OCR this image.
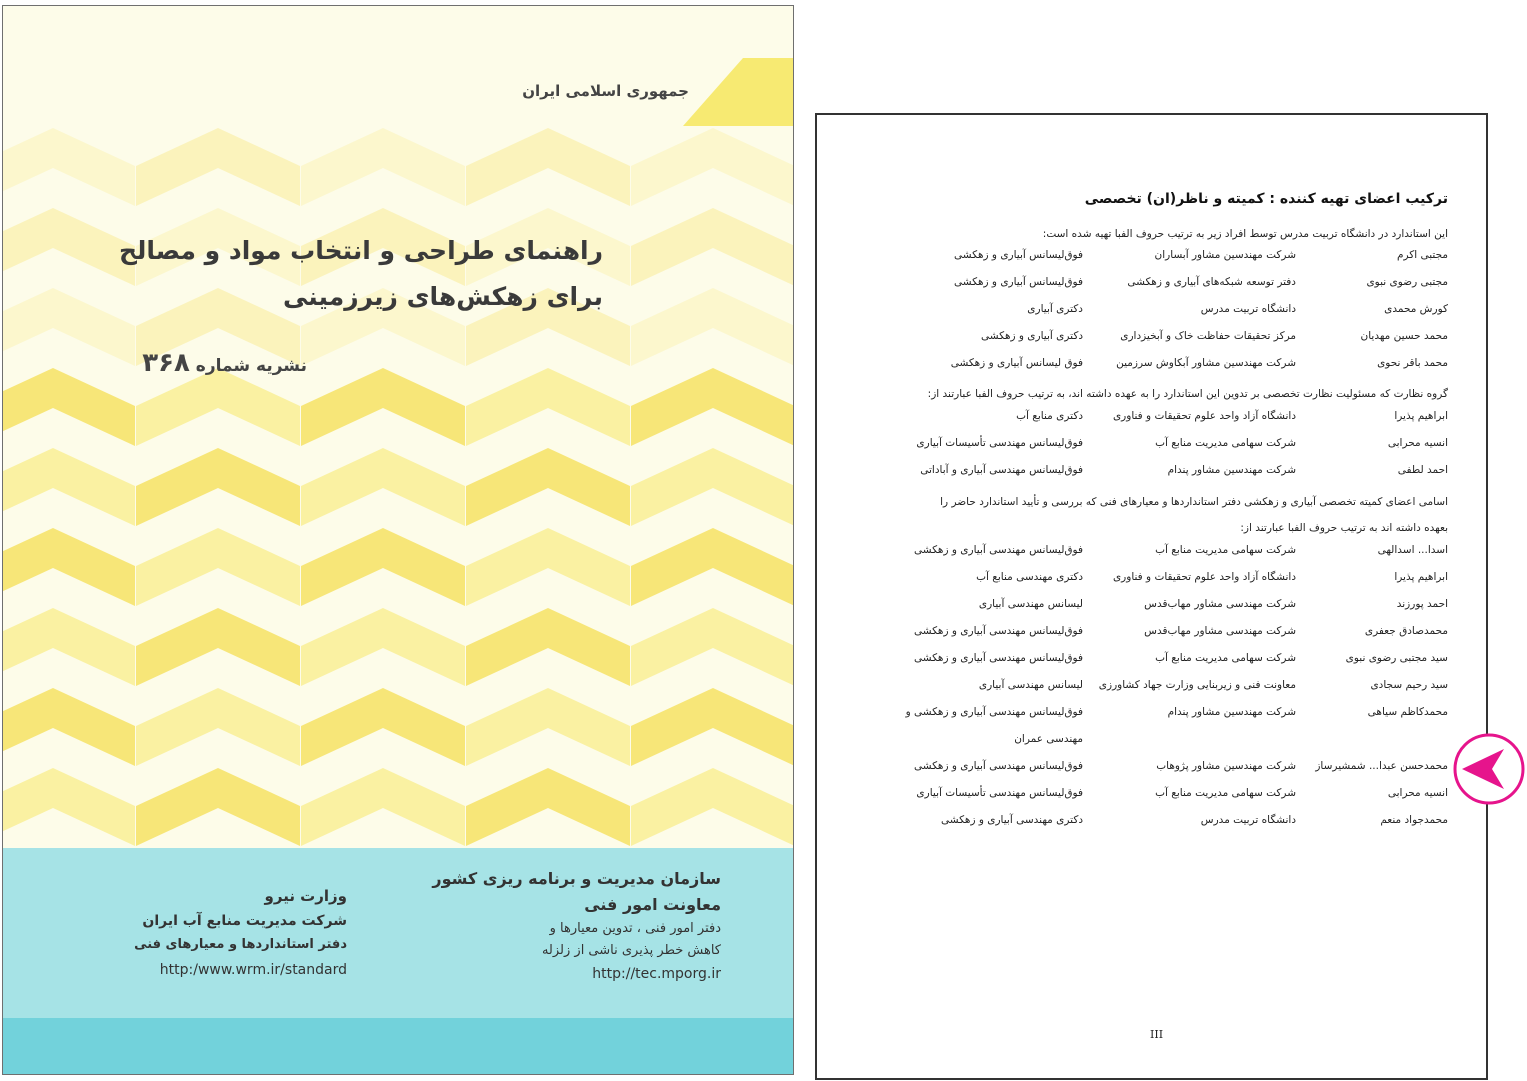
جمهوری اسلامی ایران
راهنمای طراحی و انتخاب مواد و مصالح
برای زهکش‌های زیرزمینی
نشریه شماره ۳۶۸
سازمان مدیریت و برنامه ریزی کشور
معاونت امور فنی
دفتر امور فنی ، تدوین معیارها و
کاهش خطر پذیری ناشی از زلزله
http://tec.mporg.ir
وزارت نیرو
شرکت مدیریت منابع آب ایران
دفتر استانداردها و معیارهای فنی
http:/www.wrm.ir/standard
ترکیب اعضای تهیه کننده : کمیته و ناظر(ان) تخصصی
این استاندارد در دانشگاه تربیت مدرس توسط افراد زیر به ترتیب حروف الفبا تهیه شده است:
مجتبی اکرم
شرکت مهندسین مشاور آبساران
فوق‌لیسانس آبیاری و زهکشی
مجتبی رضوی نبوی
دفتر توسعه شبکه‌های آبیاری و زهکشی
فوق‌لیسانس آبیاری و زهکشی
کورش محمدی
دانشگاه تربیت مدرس
دکتری آبیاری
محمد حسین مهدیان
مرکز تحقیقات حفاظت خاک و آبخیزداری
دکتری آبیاری و زهکشی
محمد باقر نحوی
شرکت مهندسین مشاور آبکاوش سرزمین
فوق لیسانس آبیاری و زهکشی
گروه نظارت که مسئولیت نظارت تخصصی بر تدوین این استاندارد را به عهده داشته اند، به ترتیب حروف الفبا عبارتند از:
ابراهیم پذیرا
دانشگاه آزاد واحد علوم تحقیقات و فناوری
دکتری منابع آب
انسیه محرابی
شرکت سهامی مدیریت منابع آب
فوق‌لیسانس مهندسی تأسیسات آبیاری
احمد لطفی
شرکت مهندسین مشاور پندام
فوق‌لیسانس مهندسی آبیاری و آباداتی
اسامی اعضای کمیته تخصصی آبیاری و زهکشی دفتر استانداردها و معیارهای فنی که بررسی و تأیید استاندارد حاضر را
بعهده داشته اند به ترتیب حروف الفبا عبارتند از:
اسدا... اسدالهی
شرکت سهامی مدیریت منابع آب
فوق‌لیسانس مهندسی آبیاری و زهکشی
ابراهیم پذیرا
دانشگاه آزاد واحد علوم تحقیقات و فناوری
دکتری مهندسی منابع آب
احمد پورزند
شرکت مهندسی مشاور مهاب‌قدس
لیسانس مهندسی آبیاری
محمدصادق جعفری
شرکت مهندسی مشاور مهاب‌قدس
فوق‌لیسانس مهندسی آبیاری و زهکشی
سید مجتبی رضوی نبوی
شرکت سهامی مدیریت منابع آب
فوق‌لیسانس مهندسی آبیاری و زهکشی
سید رحیم سجادی
معاونت فنی و زیربنایی وزارت جهاد کشاورزی
لیسانس مهندسی آبیاری
محمدکاظم سیاهی
شرکت مهندسین مشاور پندام
فوق‌لیسانس مهندسی آبیاری و زهکشی و
مهندسی عمران
محمدحسن عبدا... شمشیرساز
شرکت مهندسین مشاور پژوهاب
فوق‌لیسانس مهندسی آبیاری و زهکشی
انسیه محرابی
شرکت سهامی مدیریت منابع آب
فوق‌لیسانس مهندسی تأسیسات آبیاری
محمدجواد منعم
دانشگاه تربیت مدرس
دکتری مهندسی آبیاری و زهکشی
III
